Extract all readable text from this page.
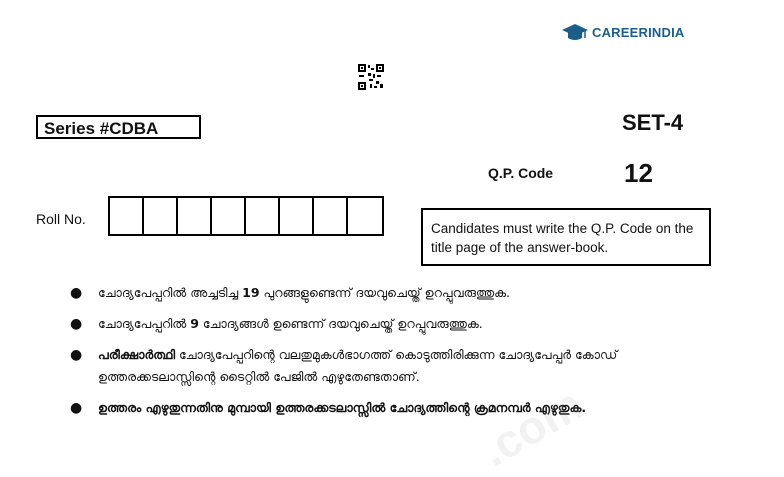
CAREERINDIA
Series #CDBA	SET-4
Q.P. Code	12
Roll No.
Candidates must write the Q.P. Code on the title page of the answer-book.
● ചോദ്യപേപ്പറിൽ അച്ചടിച്ച 19 പുറങ്ങളുണ്ടെന്ന് ദയവുചെയ്ത് ഉറപ്പുവരുത്തുക.
● ചോദ്യപേപ്പറിൽ 9 ചോദ്യങ്ങൾ ഉണ്ടെന്ന് ദയവുചെയ്ത് ഉറപ്പുവരുത്തുക.
● പരീക്ഷാർത്ഥി ചോദ്യപേപ്പറിന്റെ വലതുമുകൾഭാഗത്ത് കൊടുത്തിരിക്കുന്ന ചോദ്യപേപ്പർ കോഡ് ഉത്തരക്കടലാസ്സിന്റെ ടൈറ്റിൽ പേജിൽ എഴുതേണ്ടതാണ്.
● ഉത്തരം എഴുതുന്നതിനു മുമ്പായി ഉത്തരക്കടലാസ്സിൽ ചോദ്യത്തിന്റെ ക്രമനമ്പർ എഴുതുക.
.com
